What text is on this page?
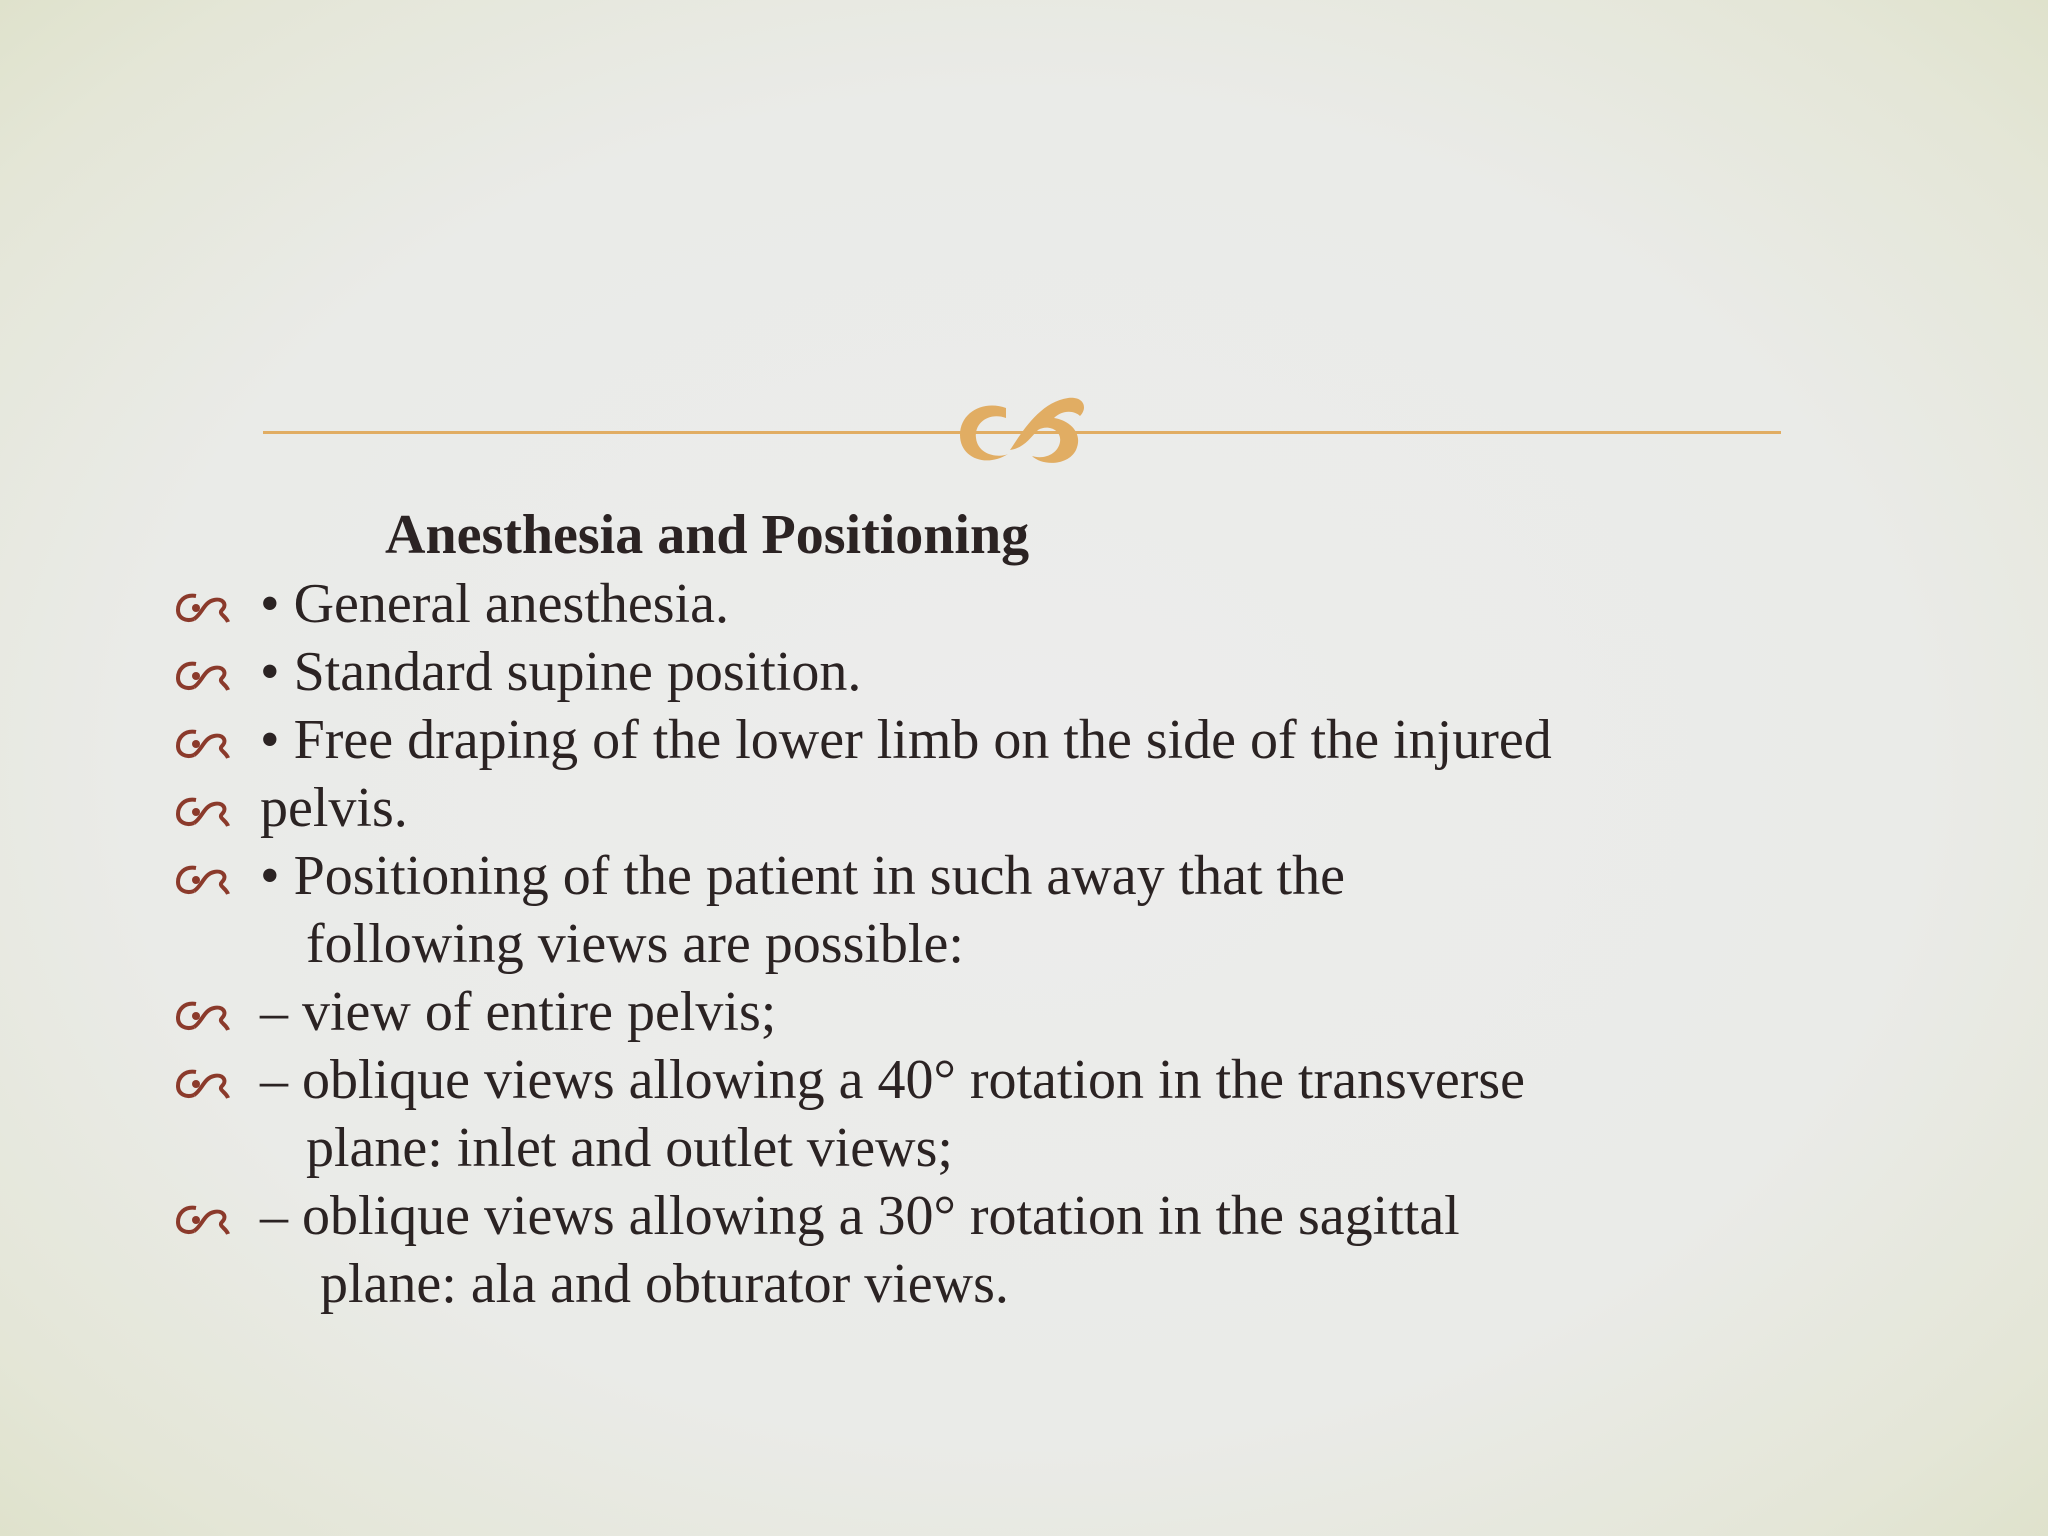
Anesthesia and Positioning
• General anesthesia.
• Standard supine position.
• Free draping of the lower limb on the side of the injured
pelvis.
• Positioning of the patient in such away that the
following views are possible:
– view of entire pelvis;
– oblique views allowing a 40° rotation in the transverse
plane: inlet and outlet views;
– oblique views allowing a 30° rotation in the sagittal
plane: ala and obturator views.
